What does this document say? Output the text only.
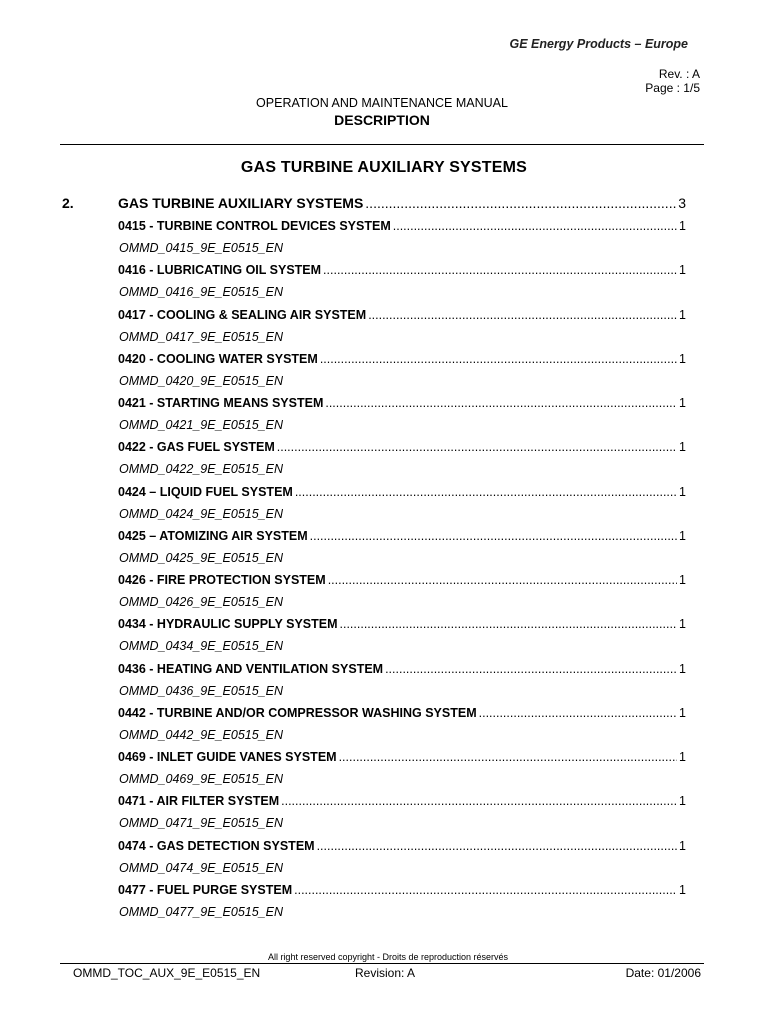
GE Energy Products – Europe
Rev. : A
Page : 1/5
OPERATION AND MAINTENANCE MANUAL
DESCRIPTION
GAS TURBINE AUXILIARY SYSTEMS
2.	GAS TURBINE AUXILIARY SYSTEMS .....	3
0415 - TURBINE CONTROL DEVICES SYSTEM .....	1
OMMD_0415_9E_E0515_EN
0416 - LUBRICATING OIL SYSTEM .....	1
OMMD_0416_9E_E0515_EN
0417 - COOLING & SEALING AIR SYSTEM .....	1
OMMD_0417_9E_E0515_EN
0420 - COOLING WATER SYSTEM .....	1
OMMD_0420_9E_E0515_EN
0421 - STARTING MEANS SYSTEM .....	1
OMMD_0421_9E_E0515_EN
0422 - GAS FUEL SYSTEM .....	1
OMMD_0422_9E_E0515_EN
0424 – LIQUID FUEL SYSTEM .....	1
OMMD_0424_9E_E0515_EN
0425 – ATOMIZING AIR SYSTEM .....	1
OMMD_0425_9E_E0515_EN
0426 - FIRE PROTECTION SYSTEM .....	1
OMMD_0426_9E_E0515_EN
0434 - HYDRAULIC SUPPLY SYSTEM .....	1
OMMD_0434_9E_E0515_EN
0436 - HEATING AND VENTILATION SYSTEM .....	1
OMMD_0436_9E_E0515_EN
0442 - TURBINE AND/OR COMPRESSOR WASHING SYSTEM .....	1
OMMD_0442_9E_E0515_EN
0469 - INLET GUIDE VANES SYSTEM .....	1
OMMD_0469_9E_E0515_EN
0471 - AIR FILTER SYSTEM .....	1
OMMD_0471_9E_E0515_EN
0474 - GAS DETECTION SYSTEM .....	1
OMMD_0474_9E_E0515_EN
0477 - FUEL PURGE SYSTEM .....	1
OMMD_0477_9E_E0515_EN
All right reserved copyright - Droits de reproduction réservés
OMMD_TOC_AUX_9E_E0515_EN	Revision: A	Date: 01/2006
